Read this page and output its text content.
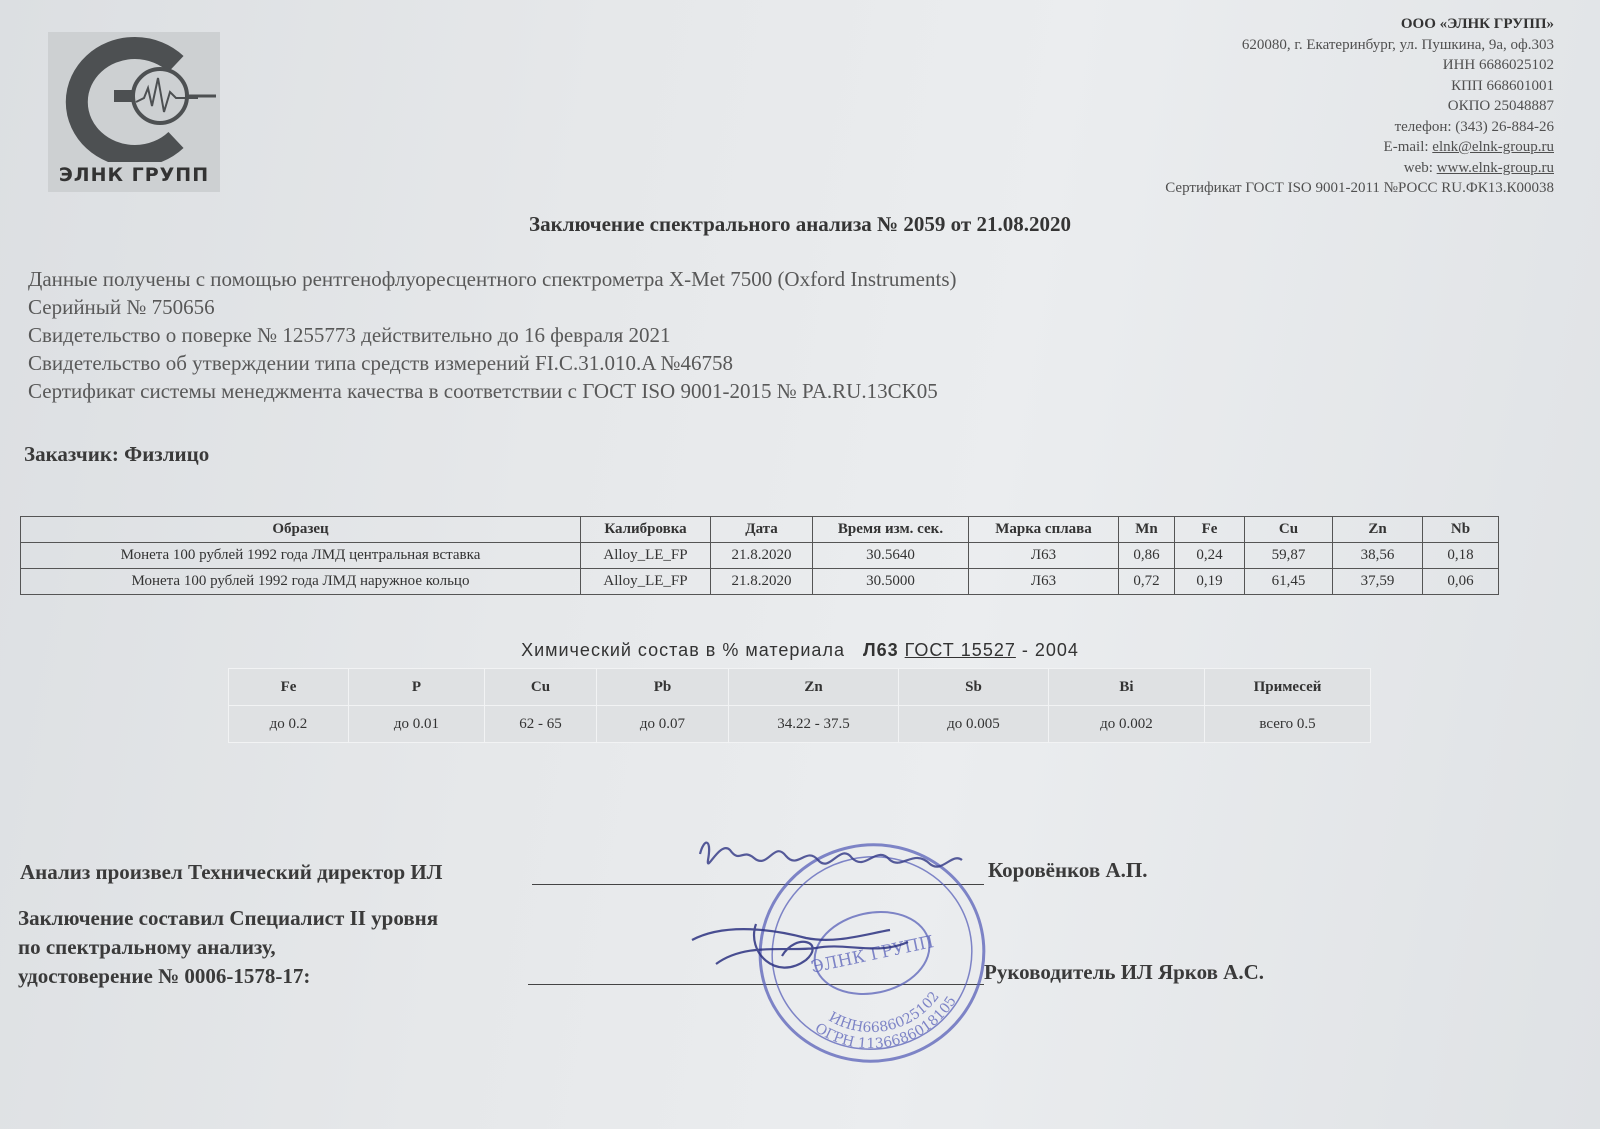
ЭЛНК ГРУПП
ООО «ЭЛНК ГРУПП»
620080, г. Екатеринбург, ул. Пушкина, 9а, оф.303
ИНН 6686025102
КПП 668601001
ОКПО 25048887
телефон: (343) 26-884-26
E-mail: elnk@elnk-group.ru
web: www.elnk-group.ru
Сертификат ГОСТ ISO 9001-2011 №РОСС RU.ФК13.К00038
Заключение спектрального анализа № 2059 от 21.08.2020
Данные получены с помощью рентгенофлуоресцентного спектрометра X-Met 7500 (Oxford Instruments)
Серийный № 750656
Свидетельство о поверке № 1255773 действительно до 16 февраля 2021
Свидетельство об утверждении типа средств измерений FI.C.31.010.A №46758
Сертификат системы менеджмента качества в соответствии с ГОСТ ISO 9001-2015 № PA.RU.13CK05
Заказчик: Физлицо
Образец	Калибровка	Дата	Время изм. сек.	Марка сплава	Mn	Fe	Cu	Zn	Nb
Монета 100 рублей 1992 года ЛМД центральная вставка	Alloy_LE_FP	21.8.2020	30.5640	Л63	0,86	0,24	59,87	38,56	0,18
Монета 100 рублей 1992 года ЛМД наружное кольцо	Alloy_LE_FP	21.8.2020	30.5000	Л63	0,72	0,19	61,45	37,59	0,06
Химический состав в % материала Л63 ГОСТ 15527 - 2004
Fe	P	Cu	Pb	Zn	Sb	Bi	Примесей
до 0.2	до 0.01	62 - 65	до 0.07	34.22 - 37.5	до 0.005	до 0.002	всего 0.5
Анализ произвел Технический директор ИЛ	Коровёнков А.П.
Заключение составил Специалист II уровня
по спектральному анализу,
удостоверение № 0006-1578-17:	Руководитель ИЛ Ярков А.С.
ЭЛНК ГРУПП
ИНН6686025102
ОГРН 1136686018105
